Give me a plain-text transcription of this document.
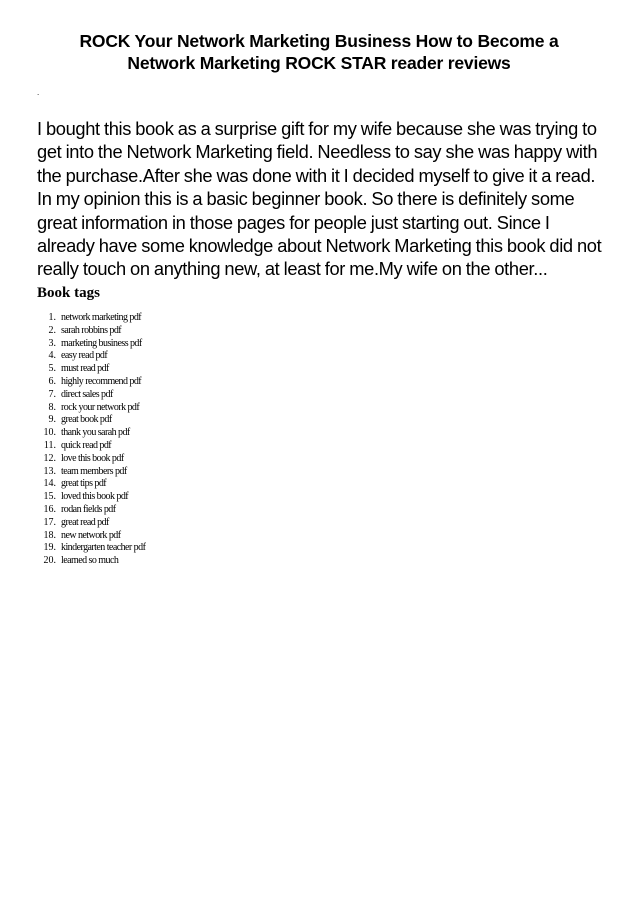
ROCK Your Network Marketing Business How to Become a
Network Marketing ROCK STAR reader reviews
.

I bought this book as a surprise gift for my wife because she was trying to get into the Network Marketing field. Needless to say she was happy with the purchase.After she was done with it I decided myself to give it a read. In my opinion this is a basic beginner book. So there is definitely some great information in those pages for people just starting out. Since I already have some knowledge about Network Marketing this book did not really touch on anything new, at least for me.My wife on the other...

Book tags
1. network marketing pdf
2. sarah robbins pdf
3. marketing business pdf
4. easy read pdf
5. must read pdf
6. highly recommend pdf
7. direct sales pdf
8. rock your network pdf
9. great book pdf
10. thank you sarah pdf
11. quick read pdf
12. love this book pdf
13. team members pdf
14. great tips pdf
15. loved this book pdf
16. rodan fields pdf
17. great read pdf
18. new network pdf
19. kindergarten teacher pdf
20. learned so much
